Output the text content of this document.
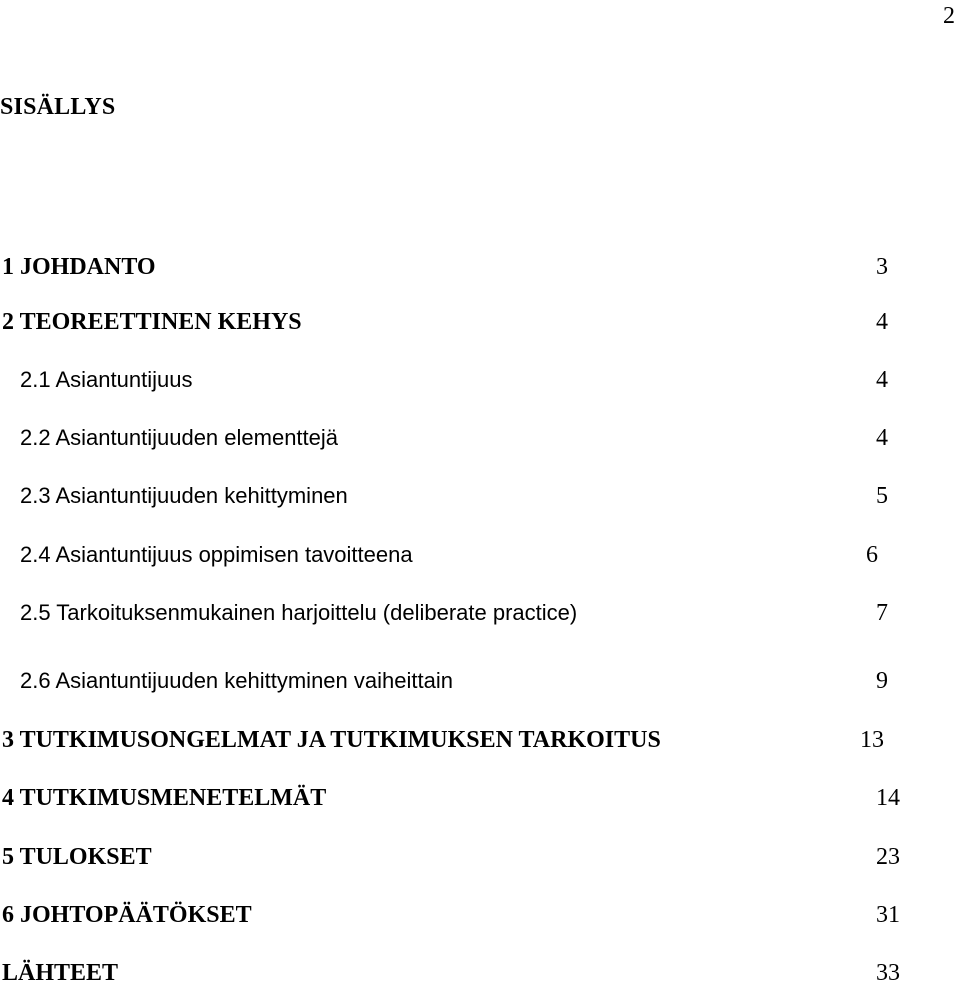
2
SISÄLLYS
1 JOHDANTO	3
2 TEOREETTINEN KEHYS	4
2.1 Asiantuntijuus	4
2.2 Asiantuntijuuden elementtejä	4
2.3 Asiantuntijuuden kehittyminen	5
2.4 Asiantuntijuus oppimisen tavoitteena	6
2.5 Tarkoituksenmukainen harjoittelu (deliberate practice)	7
2.6 Asiantuntijuuden kehittyminen vaiheittain	9
3 TUTKIMUSONGELMAT JA TUTKIMUKSEN TARKOITUS	13
4 TUTKIMUSMENETELMÄT	14
5 TULOKSET	23
6 JOHTOPÄÄTÖKSET	31
LÄHTEET	33
